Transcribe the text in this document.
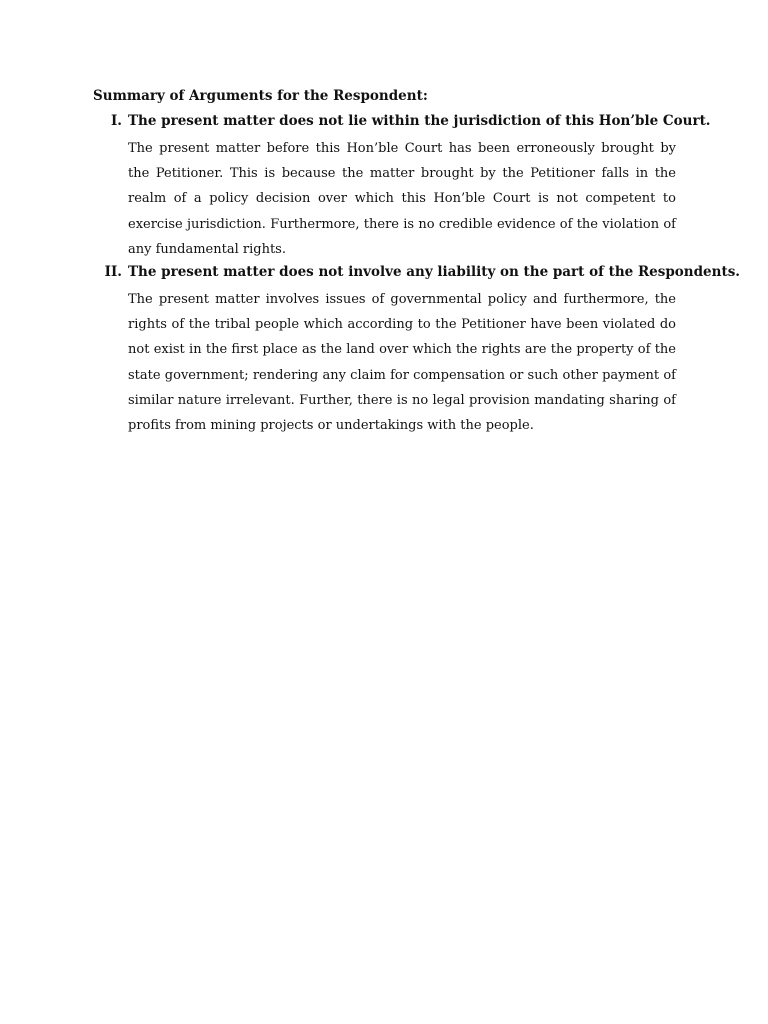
Summary of Arguments for the Respondent:
I. The present matter does not lie within the jurisdiction of this Hon’ble Court.

The present matter before this Hon’ble Court has been erroneously brought by the Petitioner. This is because the matter brought by the Petitioner falls in the realm of a policy decision over which this Hon’ble Court is not competent to exercise jurisdiction. Furthermore, there is no credible evidence of the violation of any fundamental rights.

II. The present matter does not involve any liability on the part of the Respondents.

The present matter involves issues of governmental policy and furthermore, the rights of the tribal people which according to the Petitioner have been violated do not exist in the first place as the land over which the rights are the property of the state government; rendering any claim for compensation or such other payment of similar nature irrelevant. Further, there is no legal provision mandating sharing of profits from mining projects or undertakings with the people.
